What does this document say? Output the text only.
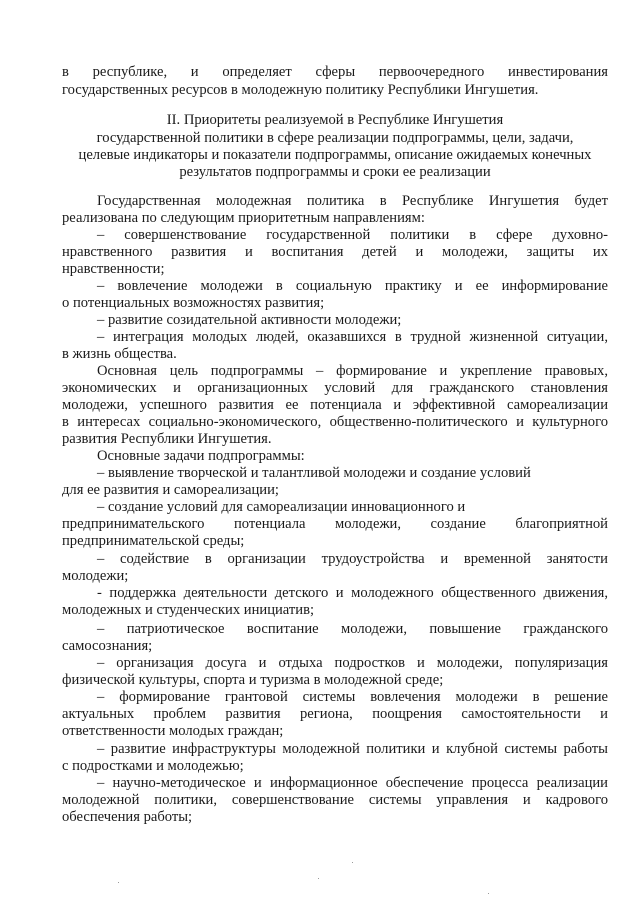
в республике, и определяет сферы первоочередного инвестирования
государственных ресурсов в молодежную политику Республики Ингушетия.
II. Приоритеты реализуемой в Республике Ингушетия
государственной политики в сфере реализации подпрограммы, цели, задачи,
целевые индикаторы и показатели подпрограммы, описание ожидаемых конечных
результатов подпрограммы и сроки ее реализации
Государственная молодежная политика в Республике Ингушетия будет
реализована по следующим приоритетным направлениям:
– совершенствование государственной политики в сфере духовно-
нравственного развития и воспитания детей и молодежи, защиты их
нравственности;
– вовлечение молодежи в социальную практику и ее информирование
о потенциальных возможностях развития;
– развитие созидательной активности молодежи;
– интеграция молодых людей, оказавшихся в трудной жизненной ситуации,
в жизнь общества.
Основная цель подпрограммы – формирование и укрепление правовых,
экономических и организационных условий для гражданского становления
молодежи, успешного развития ее потенциала и эффективной самореализации
в интересах социально-экономического, общественно-политического и культурного
развития Республики Ингушетия.
Основные задачи подпрограммы:
– выявление творческой и талантливой молодежи и создание условий
для ее развития и самореализации;
– создание условий для самореализации инновационного и
предпринимательского потенциала молодежи, создание благоприятной
предпринимательской среды;
– содействие в организации трудоустройства и временной занятости
молодежи;
- поддержка деятельности детского и молодежного общественного движения,
молодежных и студенческих инициатив;
– патриотическое воспитание молодежи, повышение гражданского
самосознания;
– организация досуга и отдыха подростков и молодежи, популяризация
физической культуры, спорта и туризма в молодежной среде;
– формирование грантовой системы вовлечения молодежи в решение
актуальных проблем развития региона, поощрения самостоятельности и
ответственности молодых граждан;
– развитие инфраструктуры молодежной политики и клубной системы работы
с подростками и молодежью;
– научно-методическое и информационное обеспечение процесса реализации
молодежной политики, совершенствование системы управления и кадрового
обеспечения работы;
